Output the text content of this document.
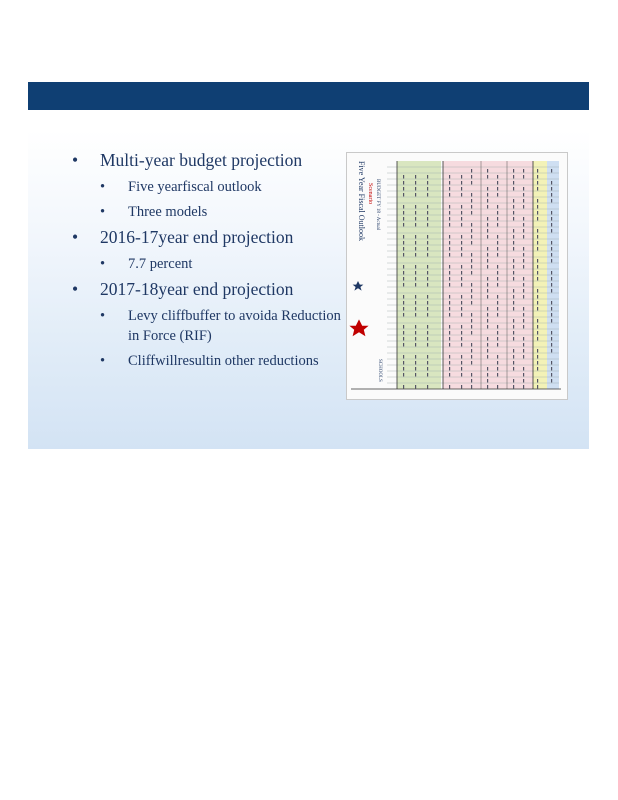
• Multi-year budget projection
• Five yearfiscal outlook
• Three models
• 2016-17year end projection
• 7.7 percent
• 2017-18year end projection
• Levy cliffbuffer to avoida Reduction in Force (RIF)
• Cliffwillresultin other reductions
Five Year Fiscal Outlook Scenario BUDGET FY 18 - Actual
SCHOOLS
